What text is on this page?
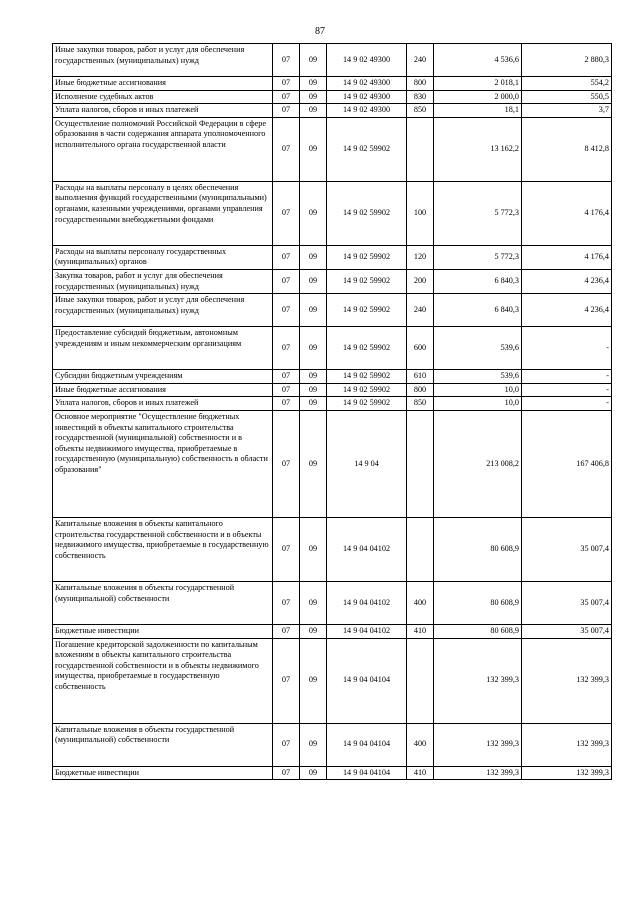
87
Иные закупки товаров, работ и услуг для обеспечения государственных (муниципальных) нужд	07	09	14 9 02 49300	240	4 536,6	2 880,3
Иные бюджетные ассигнования	07	09	14 9 02 49300	800	2 018,1	554,2
Исполнение судебных актов	07	09	14 9 02 49300	830	2 000,0	550,5
Уплата налогов, сборов и иных платежей	07	09	14 9 02 49300	850	18,1	3,7
Осуществление полномочий Российской Федерации в сфере образования в части содержания аппарата уполномоченного исполнительного органа государственной власти	07	09	14 9 02 59902		13 162,2	8 412,8
Расходы на выплаты персоналу в целях обеспечения выполнения функций государственными (муниципальными) органами, казенными учреждениями, органами управления государственными внебюджетными фондами	07	09	14 9 02 59902	100	5 772,3	4 176,4
Расходы на выплаты персоналу государственных (муниципальных) органов	07	09	14 9 02 59902	120	5 772,3	4 176,4
Закупка товаров, работ и услуг для обеспечения государственных (муниципальных) нужд	07	09	14 9 02 59902	200	6 840,3	4 236,4
Иные закупки товаров, работ и услуг для обеспечения государственных (муниципальных) нужд	07	09	14 9 02 59902	240	6 840,3	4 236,4
Предоставление субсидий бюджетным, автономным учреждениям и иным некоммерческим организациям	07	09	14 9 02 59902	600	539,6	-
Субсидии бюджетным учреждениям	07	09	14 9 02 59902	610	539,6	-
Иные бюджетные ассигнования	07	09	14 9 02 59902	800	10,0	-
Уплата налогов, сборов и иных платежей	07	09	14 9 02 59902	850	10,0	-
Основное мероприятие "Осуществление бюджетных инвестиций в объекты капитального строительства государственной (муниципальной) собственности и в объекты недвижимого имущества, приобретаемые в государственную (муниципальную) собственность в области образования"	07	09	14 9 04		213 008,2	167 406,8
Капитальные вложения в объекты капитального строительства государственной собственности и в объекты недвижимого имущества, приобретаемые в государственную собственность	07	09	14 9 04 04102		80 608,9	35 007,4
Капитальные вложения в объекты государственной (муниципальной) собственности	07	09	14 9 04 04102	400	80 608,9	35 007,4
Бюджетные инвестиции	07	09	14 9 04 04102	410	80 608,9	35 007,4
Погашение кредиторской задолженности по капитальным вложениям в объекты капитального строительства государственной собственности и в объекты недвижимого имущества, приобретаемые в государственную собственность	07	09	14 9 04 04104		132 399,3	132 399,3
Капитальные вложения в объекты государственной (муниципальной) собственности	07	09	14 9 04 04104	400	132 399,3	132 399,3
Бюджетные инвестиции	07	09	14 9 04 04104	410	132 399,3	132 399,3
